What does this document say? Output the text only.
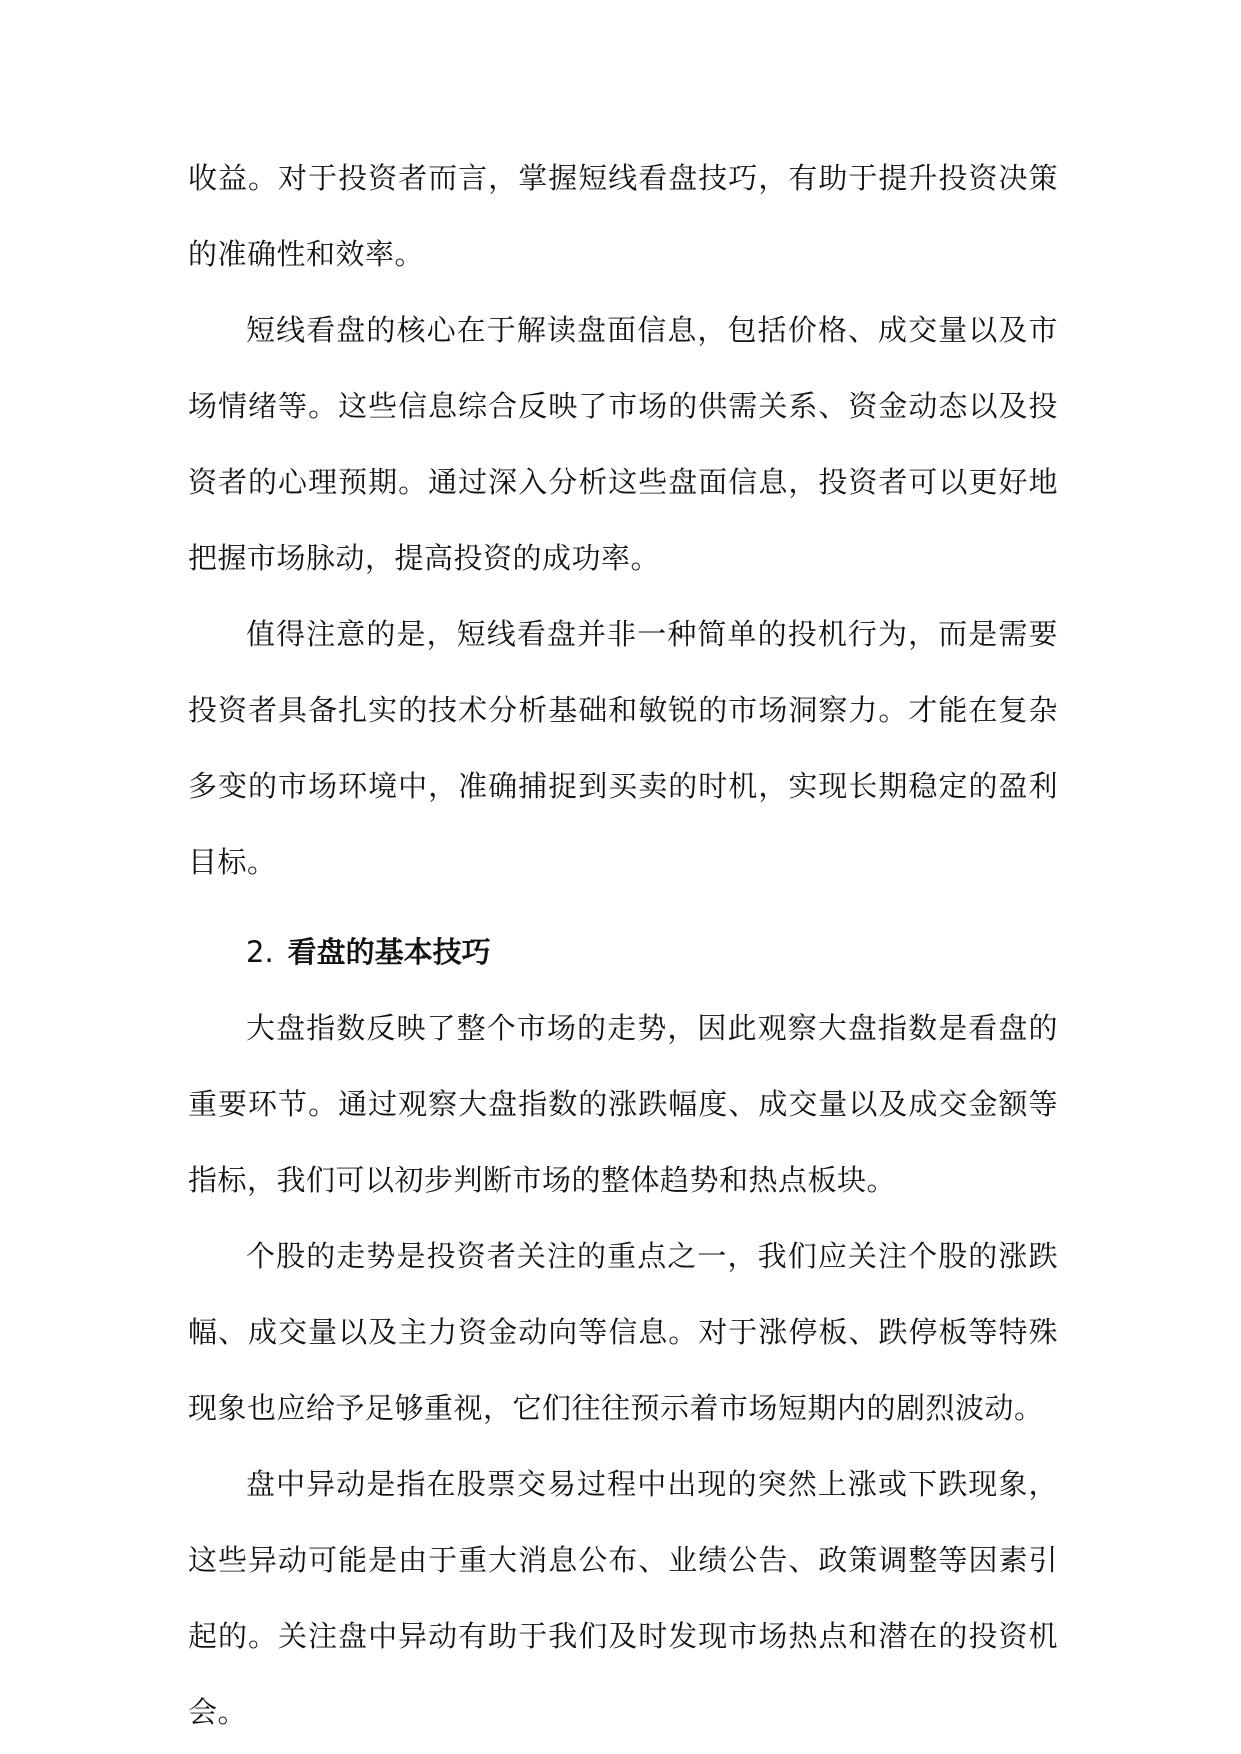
收益。对于投资者而言，掌握短线看盘技巧，有助于提升投资决策的准确性和效率。

短线看盘的核心在于解读盘面信息，包括价格、成交量以及市场情绪等。这些信息综合反映了市场的供需关系、资金动态以及投资者的心理预期。通过深入分析这些盘面信息，投资者可以更好地把握市场脉动，提高投资的成功率。

值得注意的是，短线看盘并非一种简单的投机行为，而是需要投资者具备扎实的技术分析基础和敏锐的市场洞察力。才能在复杂多变的市场环境中，准确捕捉到买卖的时机，实现长期稳定的盈利目标。

2. 看盘的基本技巧

大盘指数反映了整个市场的走势，因此观察大盘指数是看盘的重要环节。通过观察大盘指数的涨跌幅度、成交量以及成交金额等指标，我们可以初步判断市场的整体趋势和热点板块。

个股的走势是投资者关注的重点之一，我们应关注个股的涨跌幅、成交量以及主力资金动向等信息。对于涨停板、跌停板等特殊现象也应给予足够重视，它们往往预示着市场短期内的剧烈波动。

盘中异动是指在股票交易过程中出现的突然上涨或下跌现象，这些异动可能是由于重大消息公布、业绩公告、政策调整等因素引起的。关注盘中异动有助于我们及时发现市场热点和潜在的投资机会。
